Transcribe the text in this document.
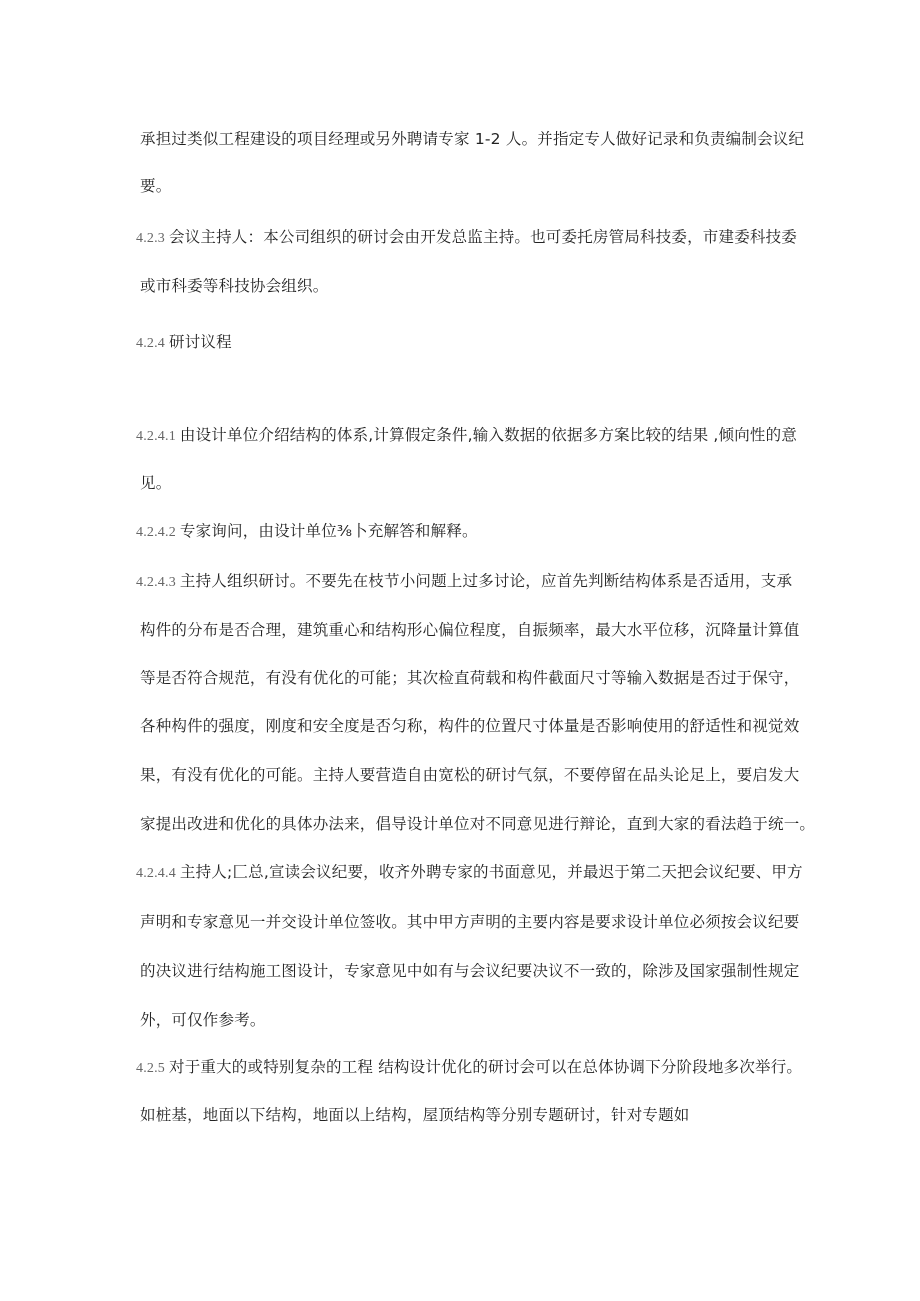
承担过类似工程建设的项目经理或另外聘请专家 1-2 人。并指定专人做好记录和负责编制会议纪
要。
4.2.3 会议主持人：本公司组织的研讨会由开发总监主持。也可委托房管局科技委，市建委科技委
或市科委等科技协会组织。
4.2.4 研讨议程
4.2.4.1 由设计单位介绍结构的体系,计算假定条件,输入数据的依据多方案比较的结果 ,倾向性的意
见。
4.2.4.2 专家询问，由设计单位⅜卜充解答和解释。
4.2.4.3 主持人组织研讨。不要先在枝节小问题上过多讨论，应首先判断结构体系是否适用，支承
构件的分布是否合理，建筑重心和结构形心偏位程度，自振频率，最大水平位移，沉降量计算值
等是否符合规范，有没有优化的可能；其次检直荷载和构件截面尺寸等输入数据是否过于保守，
各种构件的强度，刚度和安全度是否匀称，构件的位置尺寸体量是否影响使用的舒适性和视觉效
果，有没有优化的可能。主持人要营造自由宽松的研讨气氛，不要停留在品头论足上，要启发大
家提出改进和优化的具体办法来，倡导设计单位对不同意见进行辩论，直到大家的看法趋于统一。
4.2.4.4 主持人;匚总,宣读会议纪要，收齐外聘专家的书面意见，并最迟于第二天把会议纪要、甲方
声明和专家意见一并交设计单位签收。其中甲方声明的主要内容是要求设计单位必须按会议纪要
的决议进行结构施工图设计，专家意见中如有与会议纪要决议不一致的，除涉及国家强制性规定
外，可仅作参考。
4.2.5 对于重大的或特别复杂的工程 结构设计优化的研讨会可以在总体协调下分阶段地多次举行。
如桩基，地面以下结构，地面以上结构，屋顶结构等分别专题研讨，针对专题如
